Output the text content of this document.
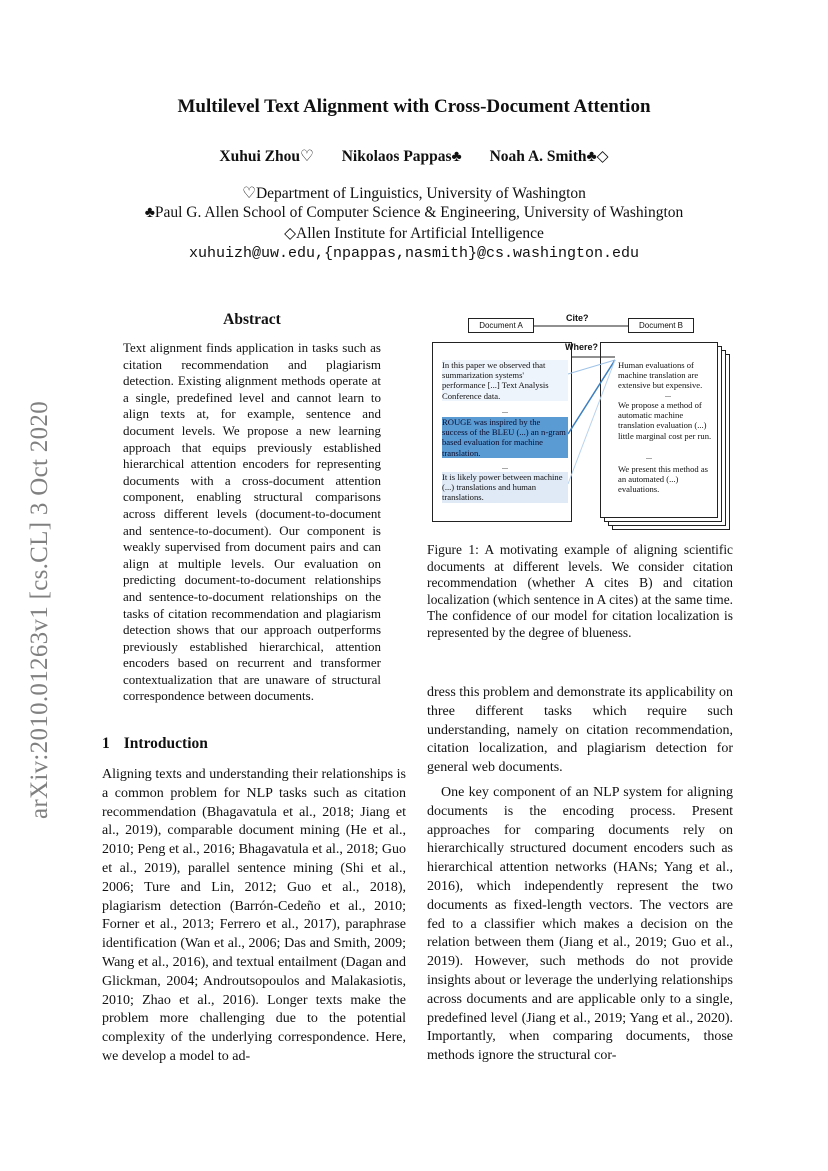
arXiv:2010.01263v1 [cs.CL] 3 Oct 2020
Multilevel Text Alignment with Cross-Document Attention
Xuhui Zhou♡ Nikolaos Pappas♣ Noah A. Smith♣◇
♡Department of Linguistics, University of Washington
♣Paul G. Allen School of Computer Science & Engineering, University of Washington
◇Allen Institute for Artificial Intelligence
xuhuizh@uw.edu,{npappas,nasmith}@cs.washington.edu
Abstract
Text alignment finds application in tasks such as citation recommendation and plagiarism detection. Existing alignment methods operate at a single, predefined level and cannot learn to align texts at, for example, sentence and document levels. We propose a new learning approach that equips previously established hierarchical attention encoders for representing documents with a cross-document attention component, enabling structural comparisons across different levels (document-to-document and sentence-to-document). Our component is weakly supervised from document pairs and can align at multiple levels. Our evaluation on predicting document-to-document relationships and sentence-to-document relationships on the tasks of citation recommendation and plagiarism detection shows that our approach outperforms previously established hierarchical, attention encoders based on recurrent and transformer contextualization that are unaware of structural correspondence between documents.
1 Introduction
Aligning texts and understanding their relationships is a common problem for NLP tasks such as citation recommendation (Bhagavatula et al., 2018; Jiang et al., 2019), comparable document mining (He et al., 2010; Peng et al., 2016; Bhagavatula et al., 2018; Guo et al., 2019), parallel sentence mining (Shi et al., 2006; Ture and Lin, 2012; Guo et al., 2018), plagiarism detection (Barrón-Cedeño et al., 2010; Forner et al., 2013; Ferrero et al., 2017), paraphrase identification (Wan et al., 2006; Das and Smith, 2009; Wang et al., 2016), and textual entailment (Dagan and Glickman, 2004; Androutsopoulos and Malakasiotis, 2010; Zhao et al., 2016). Longer texts make the problem more challenging due to the potential complexity of the underlying correspondence. Here, we develop a model to ad-
dress this problem and demonstrate its applicability on three different tasks which require such understanding, namely on citation recommendation, citation localization, and plagiarism detection for general web documents.
One key component of an NLP system for aligning documents is the encoding process. Present approaches for comparing documents rely on hierarchically structured document encoders such as hierarchical attention networks (HANs; Yang et al., 2016), which independently represent the two documents as fixed-length vectors. The vectors are fed to a classifier which makes a decision on the relation between them (Jiang et al., 2019; Guo et al., 2019). However, such methods do not provide insights about or leverage the underlying relationships across documents and are applicable only to a single, predefined level (Jiang et al., 2019; Yang et al., 2020). Importantly, when comparing documents, those methods ignore the structural cor-
Document A	Document B
Cite?
Where?
In this paper we observed that summarization systems' performance [...] Text Analysis Conference data.
...
ROUGE was inspired by the success of the BLEU (...) an n-gram based evaluation for machine translation.
...
It is likely power between machine (...) translations and human translations.
Human evaluations of machine translation are extensive but expensive.
...
We propose a method of automatic machine translation evaluation (...) little marginal cost per run.
...
We present this method as an automated (...) evaluations.
Figure 1: A motivating example of aligning scientific documents at different levels. We consider citation recommendation (whether A cites B) and citation localization (which sentence in A cites) at the same time. The confidence of our model for citation localization is represented by the degree of blueness.
